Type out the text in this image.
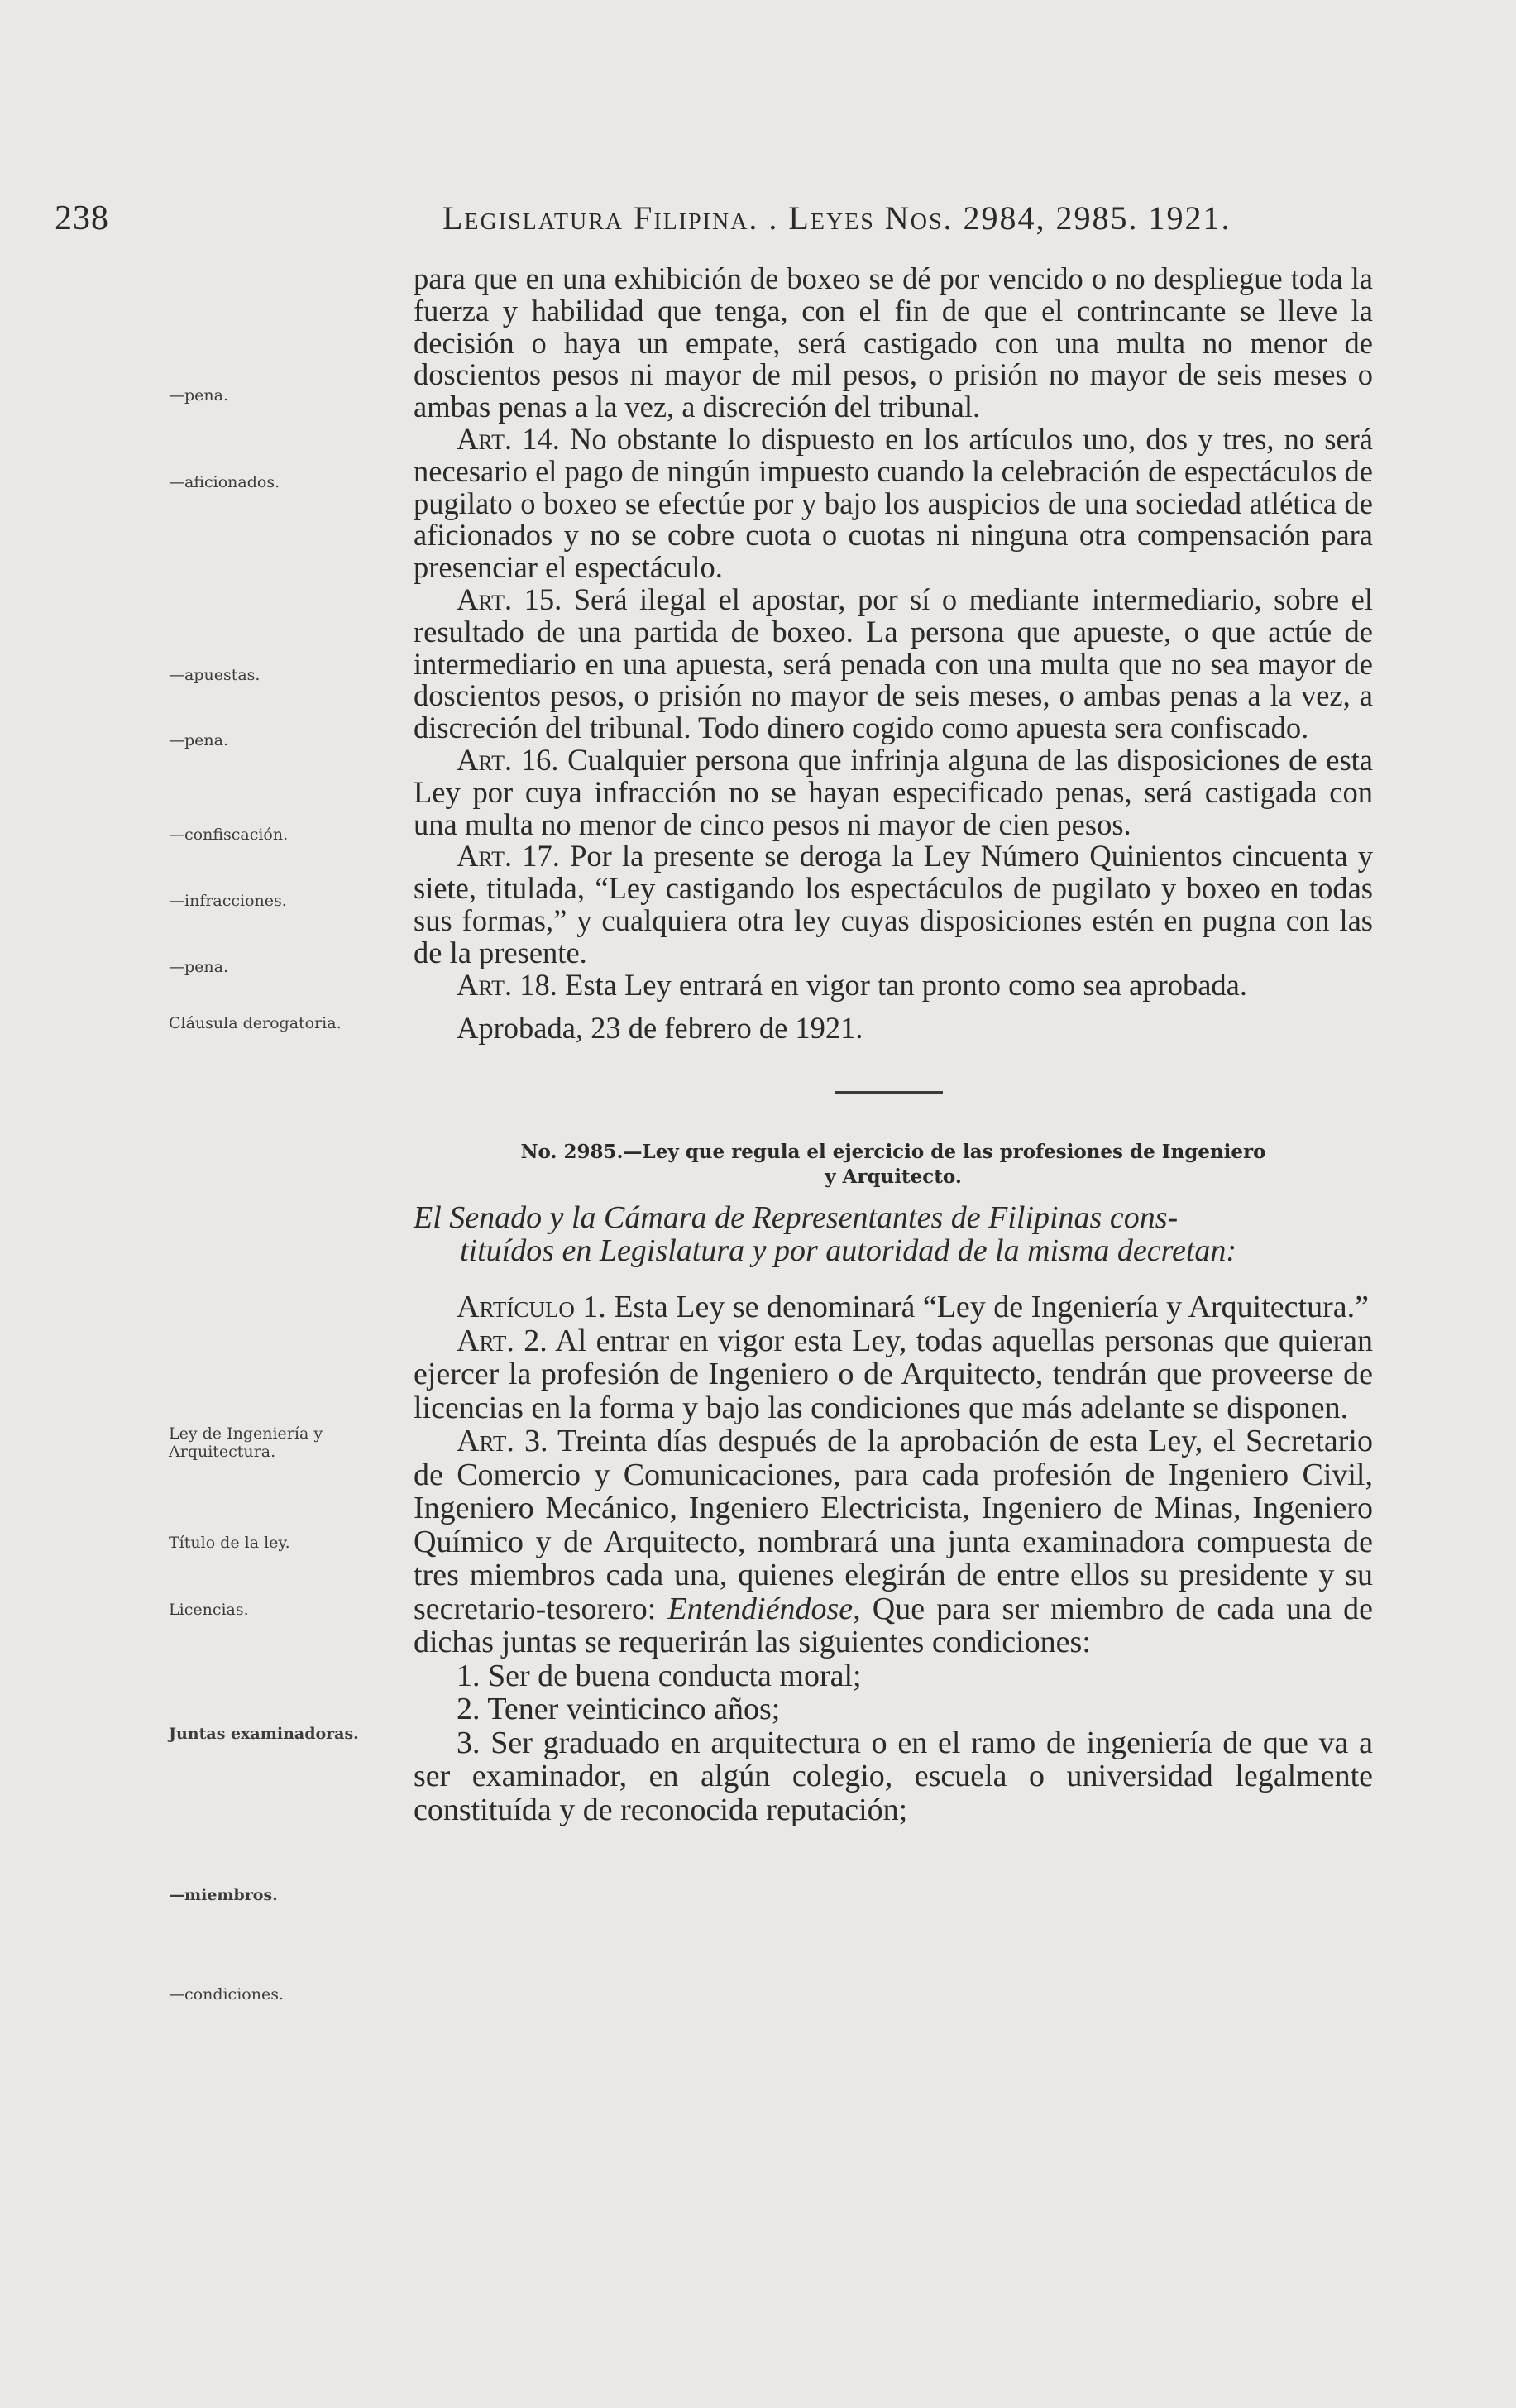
238	Legislatura Filipina. . Leyes Nos. 2984, 2985. 1921.
—pena.
—aficionados.
—apuestas.
—pena.
—confiscación.
—infracciones.
—pena.
Cláusula derogatoria.
Ley de Ingeniería y Arquitectura.
Título de la ley.
Licencias.
Juntas examinadoras.
—miembros.
—condiciones.

para que en una exhibición de boxeo se dé por vencido o no despliegue toda la fuerza y habilidad que tenga, con el fin de que el contrincante se lleve la decisión o haya un empate, será castigado con una multa no menor de doscientos pesos ni mayor de mil pesos, o prisión no mayor de seis meses o ambas penas a la vez, a discreción del tribunal.

Art. 14. No obstante lo dispuesto en los artículos uno, dos y tres, no será necesario el pago de ningún impuesto cuando la celebración de espectáculos de pugilato o boxeo se efectúe por y bajo los auspicios de una sociedad atlética de aficionados y no se cobre cuota o cuotas ni ninguna otra compensación para presenciar el espectáculo.

Art. 15. Será ilegal el apostar, por sí o mediante intermediario, sobre el resultado de una partida de boxeo. La persona que apueste, o que actúe de intermediario en una apuesta, será penada con una multa que no sea mayor de doscientos pesos, o prisión no mayor de seis meses, o ambas penas a la vez, a discreción del tribunal. Todo dinero cogido como apuesta sera confiscado.

Art. 16. Cualquier persona que infrinja alguna de las disposiciones de esta Ley por cuya infracción no se hayan especificado penas, será castigada con una multa no menor de cinco pesos ni mayor de cien pesos.

Art. 17. Por la presente se deroga la Ley Número Quinientos cincuenta y siete, titulada, “Ley castigando los espectáculos de pugilato y boxeo en todas sus formas,” y cualquiera otra ley cuyas disposiciones estén en pugna con las de la presente.

Art. 18. Esta Ley entrará en vigor tan pronto como sea aprobada.

Aprobada, 23 de febrero de 1921.

No. 2985.—Ley que regula el ejercicio de las profesiones de Ingeniero
y Arquitecto.
El Senado y la Cámara de Representantes de Filipinas cons-
tituídos en Legislatura y por autoridad de la misma decretan:

Artículo 1. Esta Ley se denominará “Ley de Ingeniería y Arquitectura.”

Art. 2. Al entrar en vigor esta Ley, todas aquellas personas que quieran ejercer la profesión de Ingeniero o de Arquitecto, tendrán que proveerse de licencias en la forma y bajo las condiciones que más adelante se disponen.

Art. 3. Treinta días después de la aprobación de esta Ley, el Secretario de Comercio y Comunicaciones, para cada profesión de Ingeniero Civil, Ingeniero Mecánico, Ingeniero Electricista, Ingeniero de Minas, Ingeniero Químico y de Arquitecto, nombrará una junta examinadora compuesta de tres miembros cada una, quienes elegirán de entre ellos su presidente y su secretario-tesorero: Entendiéndose, Que para ser miembro de cada una de dichas juntas se requerirán las siguientes condiciones:

1. Ser de buena conducta moral;

2. Tener veinticinco años;

3. Ser graduado en arquitectura o en el ramo de ingeniería de que va a ser examinador, en algún colegio, escuela o universidad legalmente constituída y de reconocida reputación;
